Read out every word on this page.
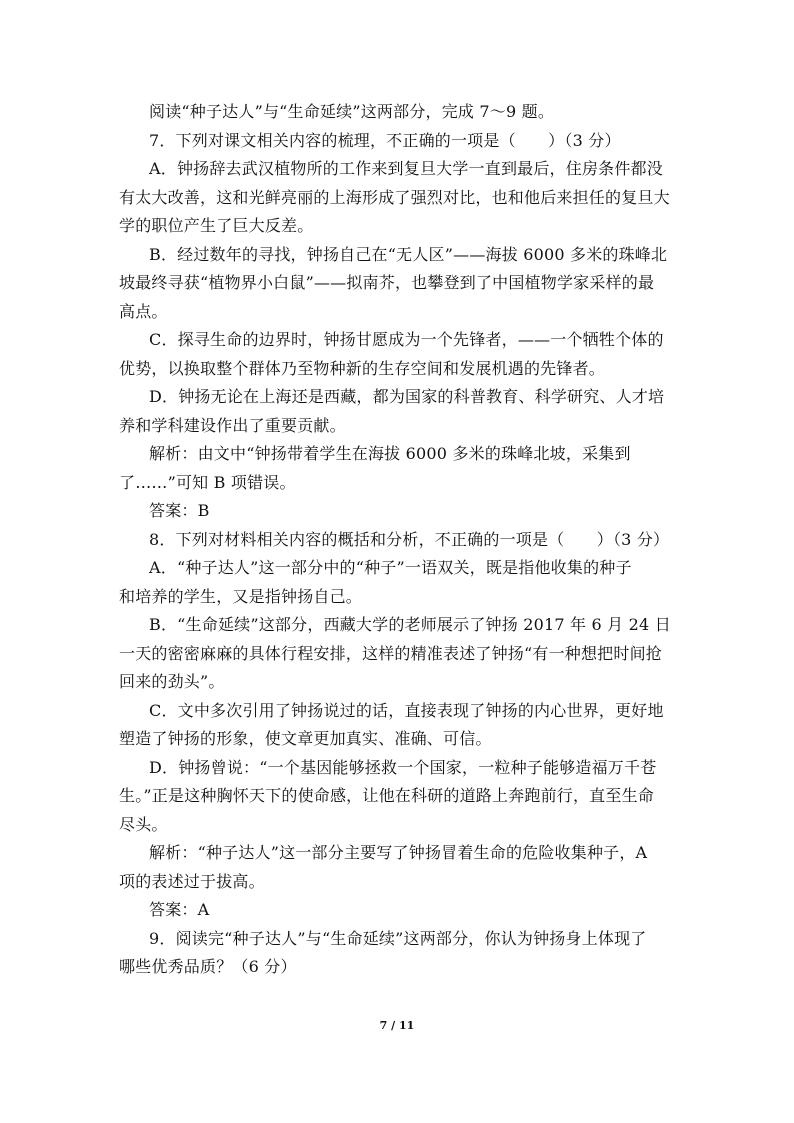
阅读“种子达人”与“生命延续”这两部分，完成 7～9 题。
7．下列对课文相关内容的梳理，不正确的一项是（　　）（3 分）
A．钟扬辞去武汉植物所的工作来到复旦大学一直到最后，住房条件都没
有太大改善，这和光鲜亮丽的上海形成了强烈对比，也和他后来担任的复旦大
学的职位产生了巨大反差。
B．经过数年的寻找，钟扬自己在“无人区”——海拔 6000 多米的珠峰北
坡最终寻获“植物界小白鼠”——拟南芥，也攀登到了中国植物学家采样的最
高点。
C．探寻生命的边界时，钟扬甘愿成为一个先锋者，——一个牺牲个体的
优势，以换取整个群体乃至物种新的生存空间和发展机遇的先锋者。
D．钟扬无论在上海还是西藏，都为国家的科普教育、科学研究、人才培
养和学科建设作出了重要贡献。
解析：由文中“钟扬带着学生在海拔 6000 多米的珠峰北坡，采集到
了……”可知 B 项错误。
答案：B
8．下列对材料相关内容的概括和分析，不正确的一项是（　　）（3 分）
A．“种子达人”这一部分中的“种子”一语双关，既是指他收集的种子
和培养的学生，又是指钟扬自己。
B．“生命延续”这部分，西藏大学的老师展示了钟扬 2017 年 6 月 24 日
一天的密密麻麻的具体行程安排，这样的精准表述了钟扬“有一种想把时间抢
回来的劲头”。
C．文中多次引用了钟扬说过的话，直接表现了钟扬的内心世界，更好地
塑造了钟扬的形象，使文章更加真实、准确、可信。
D．钟扬曾说：“一个基因能够拯救一个国家，一粒种子能够造福万千苍
生。”正是这种胸怀天下的使命感，让他在科研的道路上奔跑前行，直至生命
尽头。
解析：“种子达人”这一部分主要写了钟扬冒着生命的危险收集种子，A
项的表述过于拔高。
答案：A
9．阅读完“种子达人”与“生命延续”这两部分，你认为钟扬身上体现了
哪些优秀品质？（6 分）
7 / 11
